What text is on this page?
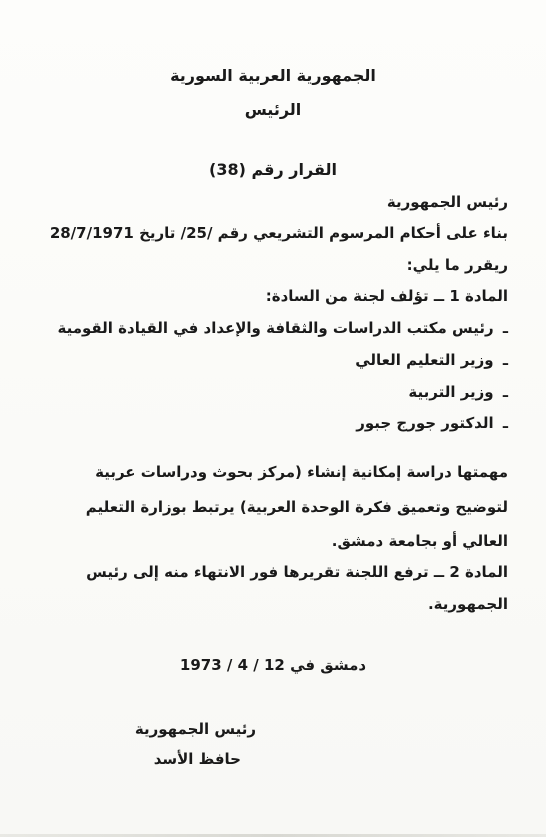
الجمهورية العربية السورية
الرئيس
القرار رقم (38)
رئيس الجمهورية
بناء على أحكام المرسوم التشريعي رقم /25/ تاريخ 28/7/1971
ريقرر ما يلي:
المادة 1 ــ تؤلف لجنة من السادة:
ـ رئيس مكتب الدراسات والثقافة والإعداد في القيادة القومية
ـ وزير التعليم العالي
ـ وزير التربية
ـ الدكتور جورج جبور
مهمتها دراسة إمكانية إنشاء (مركز بحوث ودراسات عربية
لتوضيح وتعميق فكرة الوحدة العربية) يرتبط بوزارة التعليم
العالي أو بجامعة دمشق.
المادة 2 ــ ترفع اللجنة تقريرها فور الانتهاء منه إلى رئيس
الجمهورية.
دمشق في 12 / 4 / 1973
رئيس الجمهورية
حافظ الأسد
